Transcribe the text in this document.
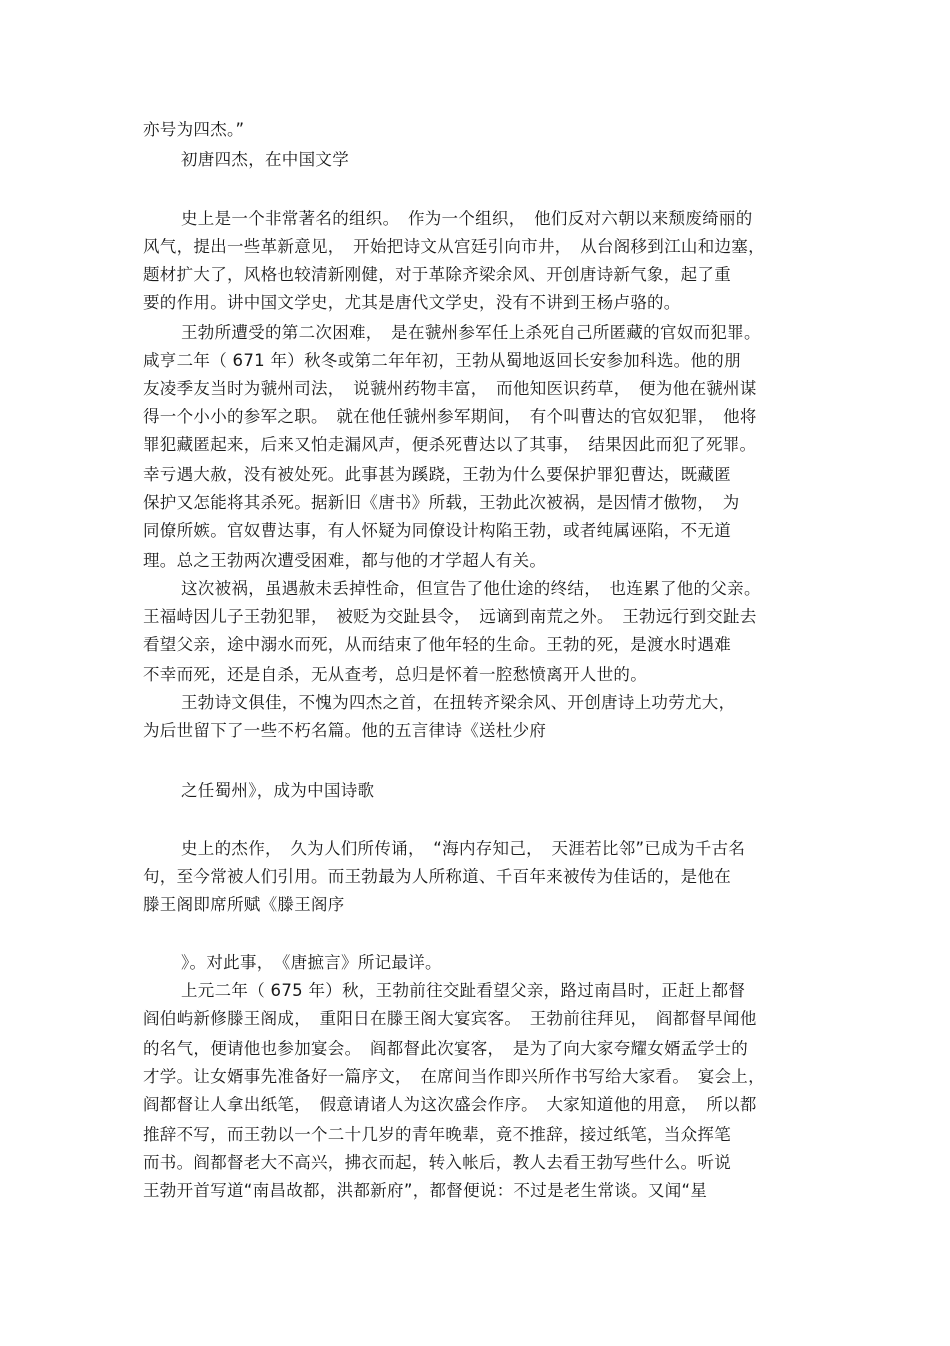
亦号为四杰。”
初唐四杰，在中国文学
史上是一个非常著名的组织。　作为一个组织，　他们反对六朝以来颓废绮丽的
风气，提出一些革新意见，　开始把诗文从宫廷引向市井，　从台阁移到江山和边塞，
题材扩大了，风格也较清新刚健，对于革除齐梁余风、开创唐诗新气象，起了重
要的作用。讲中国文学史，尤其是唐代文学史，没有不讲到王杨卢骆的。
王勃所遭受的第二次困难，　是在虢州参军任上杀死自己所匿藏的官奴而犯罪。
咸亨二年（ 671 年）秋冬或第二年年初，王勃从蜀地返回长安参加科选。他的朋
友凌季友当时为虢州司法，　说虢州药物丰富，　而他知医识药草，　便为他在虢州谋
得一个小小的参军之职。　就在他任虢州参军期间，　有个叫曹达的官奴犯罪，　他将
罪犯藏匿起来，后来又怕走漏风声，便杀死曹达以了其事，　结果因此而犯了死罪。
幸亏遇大赦，没有被处死。此事甚为蹊跷，王勃为什么要保护罪犯曹达，既藏匿
保护又怎能将其杀死。据新旧《唐书》所载，王勃此次被祸，是因情才傲物，　为
同僚所嫉。官奴曹达事，有人怀疑为同僚设计构陷王勃，或者纯属诬陷，不无道
理。总之王勃两次遭受困难，都与他的才学超人有关。
这次被祸，虽遇赦未丢掉性命，但宣告了他仕途的终结，　也连累了他的父亲。
王福峙因儿子王勃犯罪，　被贬为交趾县令，　远谪到南荒之外。　王勃远行到交趾去
看望父亲，途中溺水而死，从而结束了他年轻的生命。王勃的死，是渡水时遇难
不幸而死，还是自杀，无从查考，总归是怀着一腔愁愤离开人世的。
王勃诗文俱佳，不愧为四杰之首，在扭转齐梁余风、开创唐诗上功劳尤大，
为后世留下了一些不朽名篇。他的五言律诗《送杜少府
之任蜀州》，成为中国诗歌
史上的杰作，　久为人们所传诵，　“海内存知己，　天涯若比邻”已成为千古名
句，至今常被人们引用。而王勃最为人所称道、千百年来被传为佳话的，是他在
滕王阁即席所赋《滕王阁序
》。对此事，　《唐摭言》所记最详。
上元二年（ 675 年）秋，王勃前往交趾看望父亲，路过南昌时，正赶上都督
阎伯屿新修滕王阁成，　重阳日在滕王阁大宴宾客。　王勃前往拜见，　阎都督早闻他
的名气，便请他也参加宴会。　阎都督此次宴客，　是为了向大家夸耀女婿孟学士的
才学。让女婿事先准备好一篇序文，　在席间当作即兴所作书写给大家看。　宴会上，
阎都督让人拿出纸笔，　假意请诸人为这次盛会作序。　大家知道他的用意，　所以都
推辞不写，而王勃以一个二十几岁的青年晚辈，竟不推辞，接过纸笔，当众挥笔
而书。阎都督老大不高兴，拂衣而起，转入帐后，教人去看王勃写些什么。听说
王勃开首写道“南昌故都，洪都新府”，都督便说：不过是老生常谈。又闻“星
